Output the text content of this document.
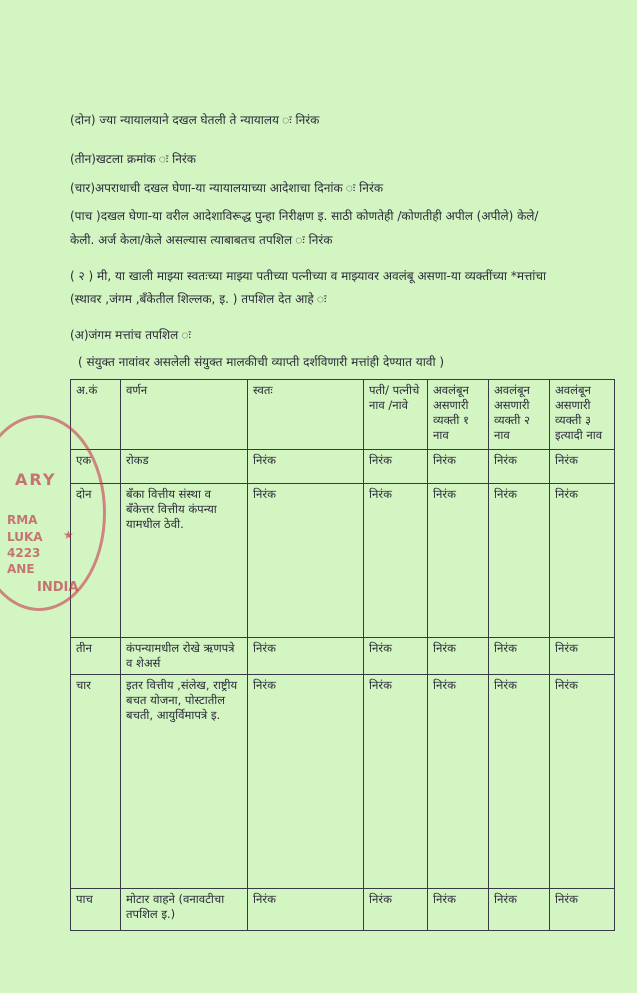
(दोन) ज्या न्यायालयाने दखल घेतली ते न्यायालय ः निरंक
(तीन)खटला क्रमांक ः निरंक
(चार)अपराधाची दखल घेणा-या न्यायालयाच्या आदेशाचा दिनांक ः निरंक
(पाच )दखल घेणा-या वरील आदेशाविरूद्ध पुन्हा निरीक्षण इ. साठी कोणतेही /कोणतीही अपील (अपीले) केले/
केली. अर्ज केला/केले असल्यास त्याबाबतच तपशिल ः निरंक
( २ ) मी, या खाली माझ्या स्वतःच्या माझ्या पतीच्या पत्नीच्या व माझ्यावर अवलंबू असणा-या व्यक्तींच्या *मत्तांचा
(स्थावर ,जंगम ,बँकेतील शिल्लक, इ. ) तपशिल देत आहे ः
(अ)जंगम मत्तांच तपशिल ः
( संयुक्त नावांवर असलेली संयुक्त मालकीची व्याप्ती दर्शविणारी मत्तांही देण्यात यावी )
अ.कं	वर्णन	स्वतः	पती/ पत्नीचे नाव /नावे	अवलंबून असणारी व्यक्ती १ नाव	अवलंबून असणारी व्यक्ती २ नाव	अवलंबून असणारी व्यक्ती ३ इत्यादी नाव
एक	रोकड	निरंक	निरंक	निरंक	निरंक	निरंक
दोन	बँका वित्तीय संस्था व बँकेत्तर वित्तीय कंपन्या यामधील ठेवी.	निरंक	निरंक	निरंक	निरंक	निरंक
तीन	कंपन्यामधील रोखे ऋणपत्रे व शेअर्स	निरंक	निरंक	निरंक	निरंक	निरंक
चार	इतर वित्तीय ,संलेख, राष्ट्रीय बचत योजना, पोस्टातील बचती, आयुर्विमापत्रे इ.	निरंक	निरंक	निरंक	निरंक	निरंक
पाच	मोटार वाहने (वनावटीचा तपशिल इ.)	निरंक	निरंक	निरंक	निरंक	निरंक
ARY
RMA
LUKA
4223
ANE
INDIA
★
